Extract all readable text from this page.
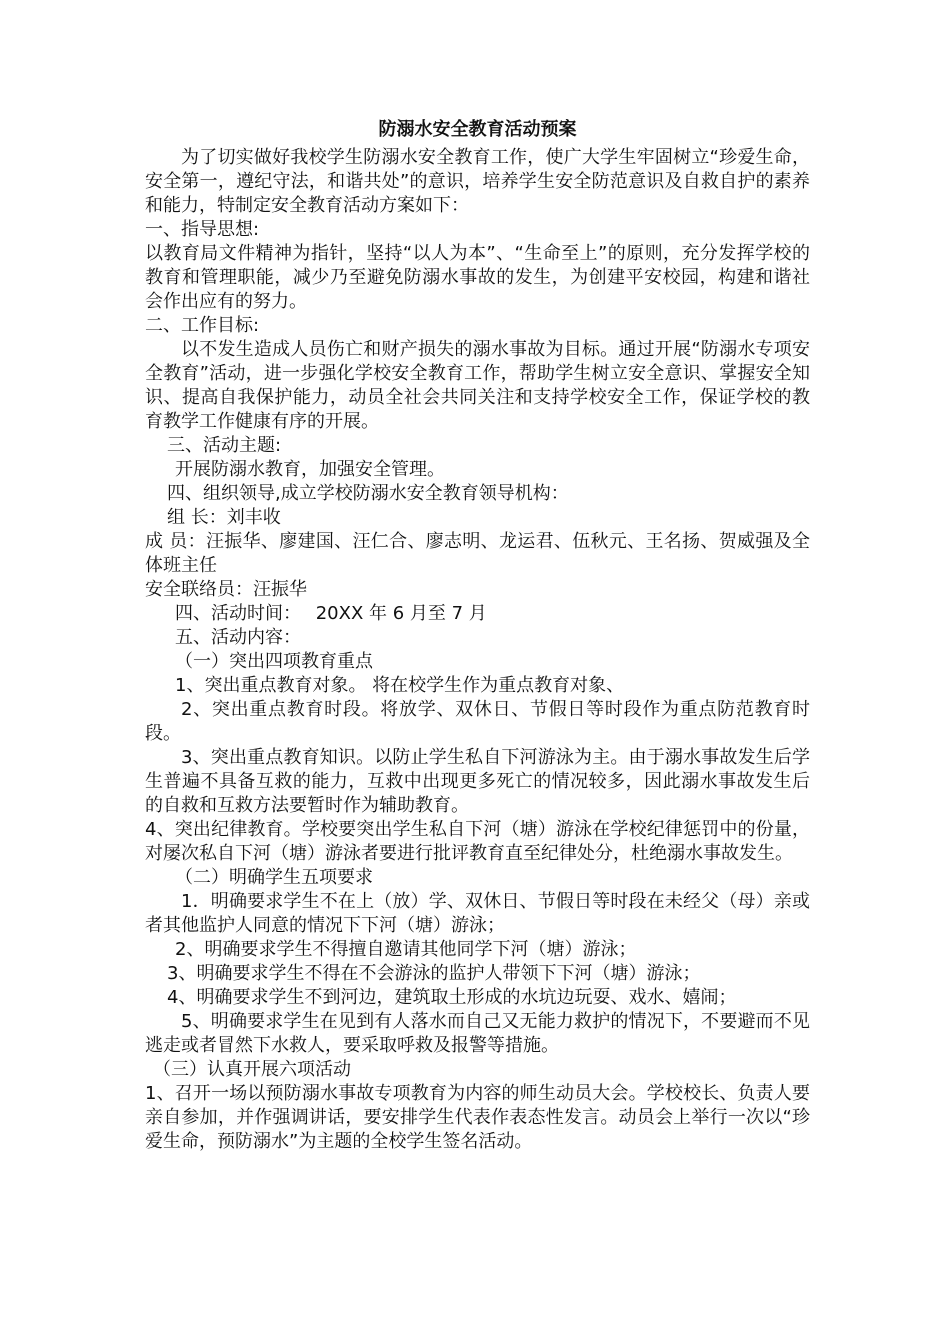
防溺水安全教育活动预案

为了切实做好我校学生防溺水安全教育工作，使广大学生牢固树立“珍爱生命，安全第一，遵纪守法，和谐共处”的意识，培养学生安全防范意识及自救自护的素养和能力，特制定安全教育活动方案如下：

一、指导思想:

以教育局文件精神为指针，坚持“以人为本”、“生命至上”的原则，充分发挥学校的教育和管理职能，减少乃至避免防溺水事故的发生，为创建平安校园，构建和谐社会作出应有的努力。

二、工作目标:

以不发生造成人员伤亡和财产损失的溺水事故为目标。通过开展“防溺水专项安全教育”活动，进一步强化学校安全教育工作，帮助学生树立安全意识、掌握安全知识、提高自我保护能力，动员全社会共同关注和支持学校安全工作，保证学校的教育教学工作健康有序的开展。

三、活动主题:

开展防溺水教育，加强安全管理。

四、组织领导,成立学校防溺水安全教育领导机构：

组 长：刘丰收

成 员：汪振华、廖建国、汪仁合、廖志明、龙运君、伍秋元、王名扬、贺威强及全体班主任

安全联络员：汪振华

四、活动时间：　 20XX 年 6 月至 7 月

五、活动内容：

（一）突出四项教育重点

1、突出重点教育对象。 将在校学生作为重点教育对象、

2、突出重点教育时段。将放学、双休日、节假日等时段作为重点防范教育时段。

3、突出重点教育知识。以防止学生私自下河游泳为主。由于溺水事故发生后学生普遍不具备互救的能力，互救中出现更多死亡的情况较多，因此溺水事故发生后的自救和互救方法要暂时作为辅助教育。

4、突出纪律教育。学校要突出学生私自下河（塘）游泳在学校纪律惩罚中的份量，对屡次私自下河（塘）游泳者要进行批评教育直至纪律处分，杜绝溺水事故发生。

（二）明确学生五项要求

1．明确要求学生不在上（放）学、双休日、节假日等时段在未经父（母）亲或者其他监护人同意的情况下下河（塘）游泳；

2、明确要求学生不得擅自邀请其他同学下河（塘）游泳；

3、明确要求学生不得在不会游泳的监护人带领下下河（塘）游泳；

4、明确要求学生不到河边，建筑取土形成的水坑边玩耍、戏水、嬉闹；

5、明确要求学生在见到有人落水而自己又无能力救护的情况下，不要避而不见逃走或者冒然下水救人，要采取呼救及报警等措施。

（三）认真开展六项活动

1、召开一场以预防溺水事故专项教育为内容的师生动员大会。学校校长、负责人要亲自参加，并作强调讲话，要安排学生代表作表态性发言。动员会上举行一次以“珍爱生命，预防溺水”为主题的全校学生签名活动。
